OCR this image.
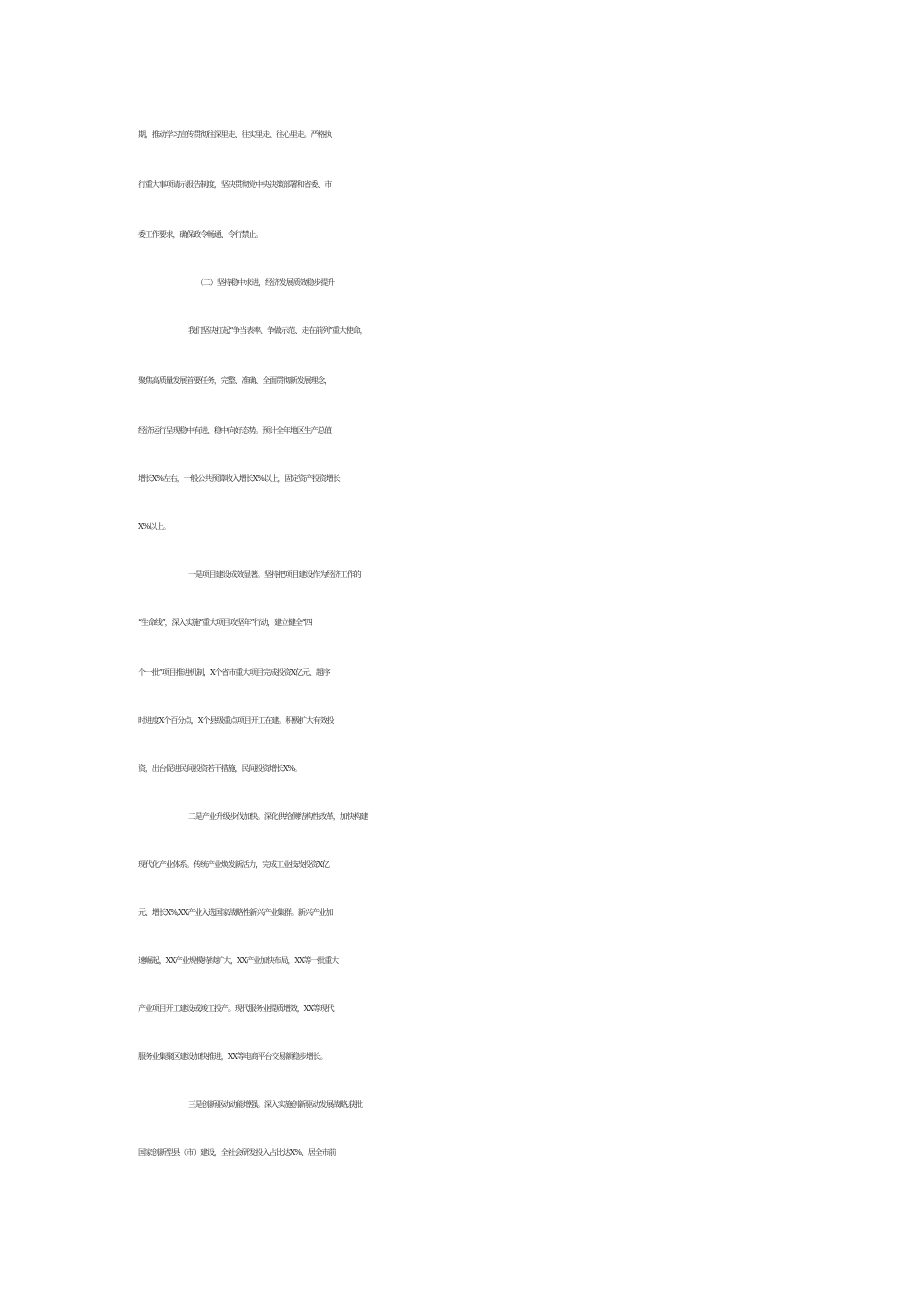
期，推动学习宣传贯彻往深里走、往实里走、往心里走。严格执
行重大事项请示报告制度，坚决贯彻党中央决策部署和省委、市
委工作要求，确保政令畅通、令行禁止。
（二）坚持稳中求进，经济发展质效稳步提升
我们坚决扛起“争当表率、争做示范、走在前列”重大使命，
聚焦高质量发展首要任务，完整、准确、全面贯彻新发展理念，
经济运行呈现稳中有进、稳中向好态势。预计全年地区生产总值
增长X%左右，一般公共预算收入增长X%以上，固定资产投资增长
X%以上。
一是项目建设成效显著。坚持把项目建设作为经济工作的
“生命线”，深入实施“重大项目攻坚年”行动，建立健全“四
个一批”项目推进机制，X个省市重大项目完成投资X亿元、超序
时进度X个百分点，X个县级重点项目开工在建。积极扩大有效投
资，出台促进民间投资若干措施，民间投资增长X%。
二是产业升级步伐加快。深化供给侧结构性改革，加快构建
现代化产业体系。传统产业焕发新活力，完成工业技改投资X亿
元、增长X%,XX产业入选国家战略性新兴产业集群。新兴产业加
速崛起，XX产业规模持续扩大，XX产业加快布局，XX等一批重大
产业项目开工建设或竣工投产。现代服务业提质增效，XX等现代
服务业集聚区建设加快推进，XX等电商平台交易额稳步增长。
三是创新驱动动能增强。深入实施创新驱动发展战略,获批
国家创新型县（市）建设，全社会研发投入占比达X%、居全市前
